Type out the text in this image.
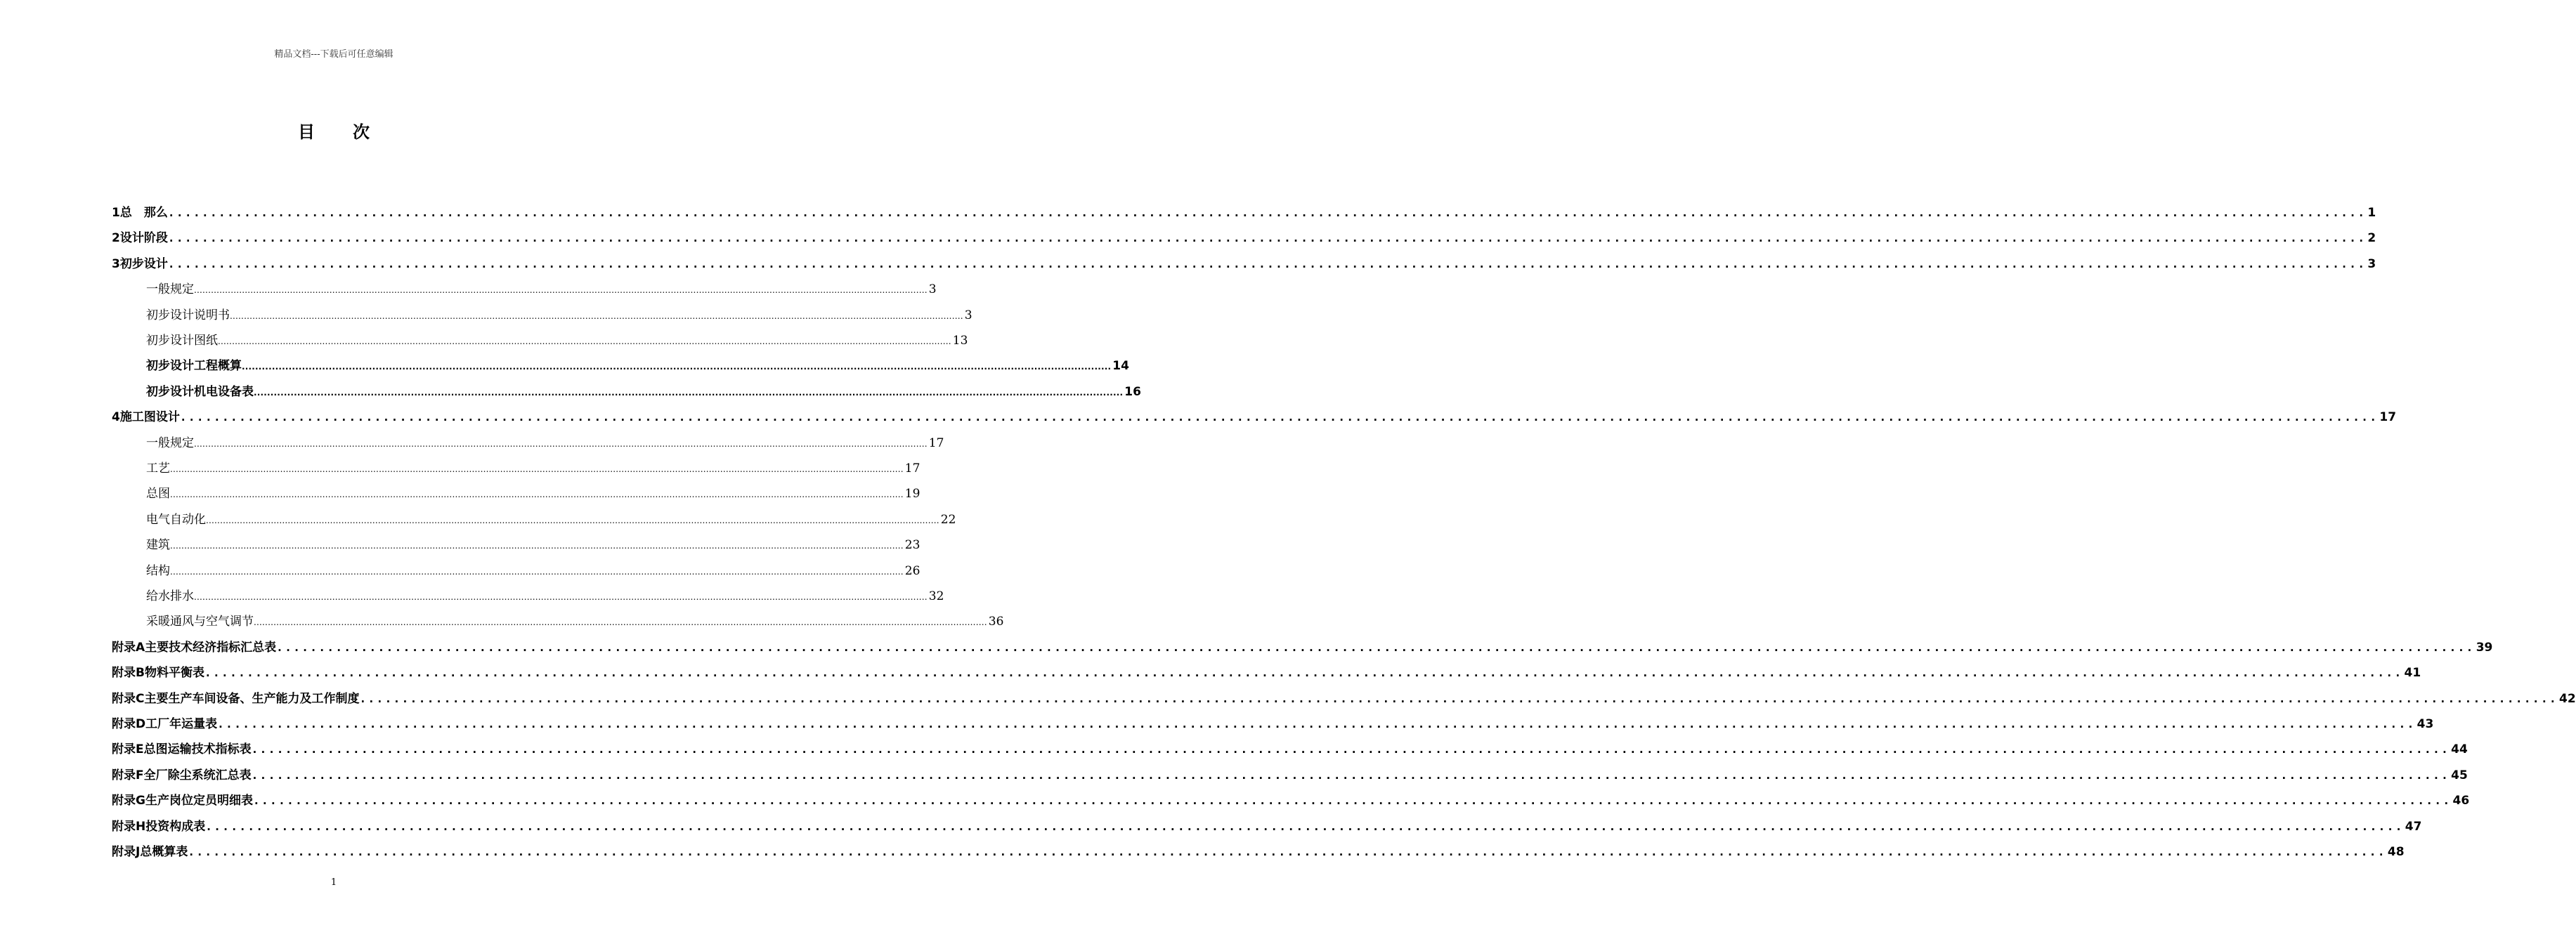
精品文档---下载后可任意编辑
目 次
1 总　那么 .................................................................................................................................................................................................................................................................... 1
2 设计阶段 .................................................................................................................................................................................................................................................................... 2
3 初步设计 .................................................................................................................................................................................................................................................................... 3
一般规定 .................................................................................................................................................................................................................................................................... 3
初步设计说明书 .................................................................................................................................................................................................................................................................... 3
初步设计图纸 .................................................................................................................................................................................................................................................................... 13
初步设计工程概算 .................................................................................................................................................................................................................................................................... 14
初步设计机电设备表 .................................................................................................................................................................................................................................................................... 16
4 施工图设计 .................................................................................................................................................................................................................................................................... 17
一般规定 .................................................................................................................................................................................................................................................................... 17
工艺 .................................................................................................................................................................................................................................................................... 17
总图 .................................................................................................................................................................................................................................................................... 19
电气自动化 .................................................................................................................................................................................................................................................................... 22
建筑 .................................................................................................................................................................................................................................................................... 23
结构 .................................................................................................................................................................................................................................................................... 26
给水排水 .................................................................................................................................................................................................................................................................... 32
采暖通风与空气调节 .................................................................................................................................................................................................................................................................... 36
附录A 主要技术经济指标汇总表 .................................................................................................................................................................................................................................................................... 39
附录B 物料平衡表 .................................................................................................................................................................................................................................................................... 41
附录C 主要生产车间设备、生产能力及工作制度 .................................................................................................................................................................................................................................................................... 42
附录D 工厂年运量表 .................................................................................................................................................................................................................................................................... 43
附录E 总图运输技术指标表 .................................................................................................................................................................................................................................................................... 44
附录F 全厂除尘系统汇总表 .................................................................................................................................................................................................................................................................... 45
附录G 生产岗位定员明细表 .................................................................................................................................................................................................................................................................... 46
附录H 投资构成表 .................................................................................................................................................................................................................................................................... 47
附录J 总概算表 .................................................................................................................................................................................................................................................................... 48
1
